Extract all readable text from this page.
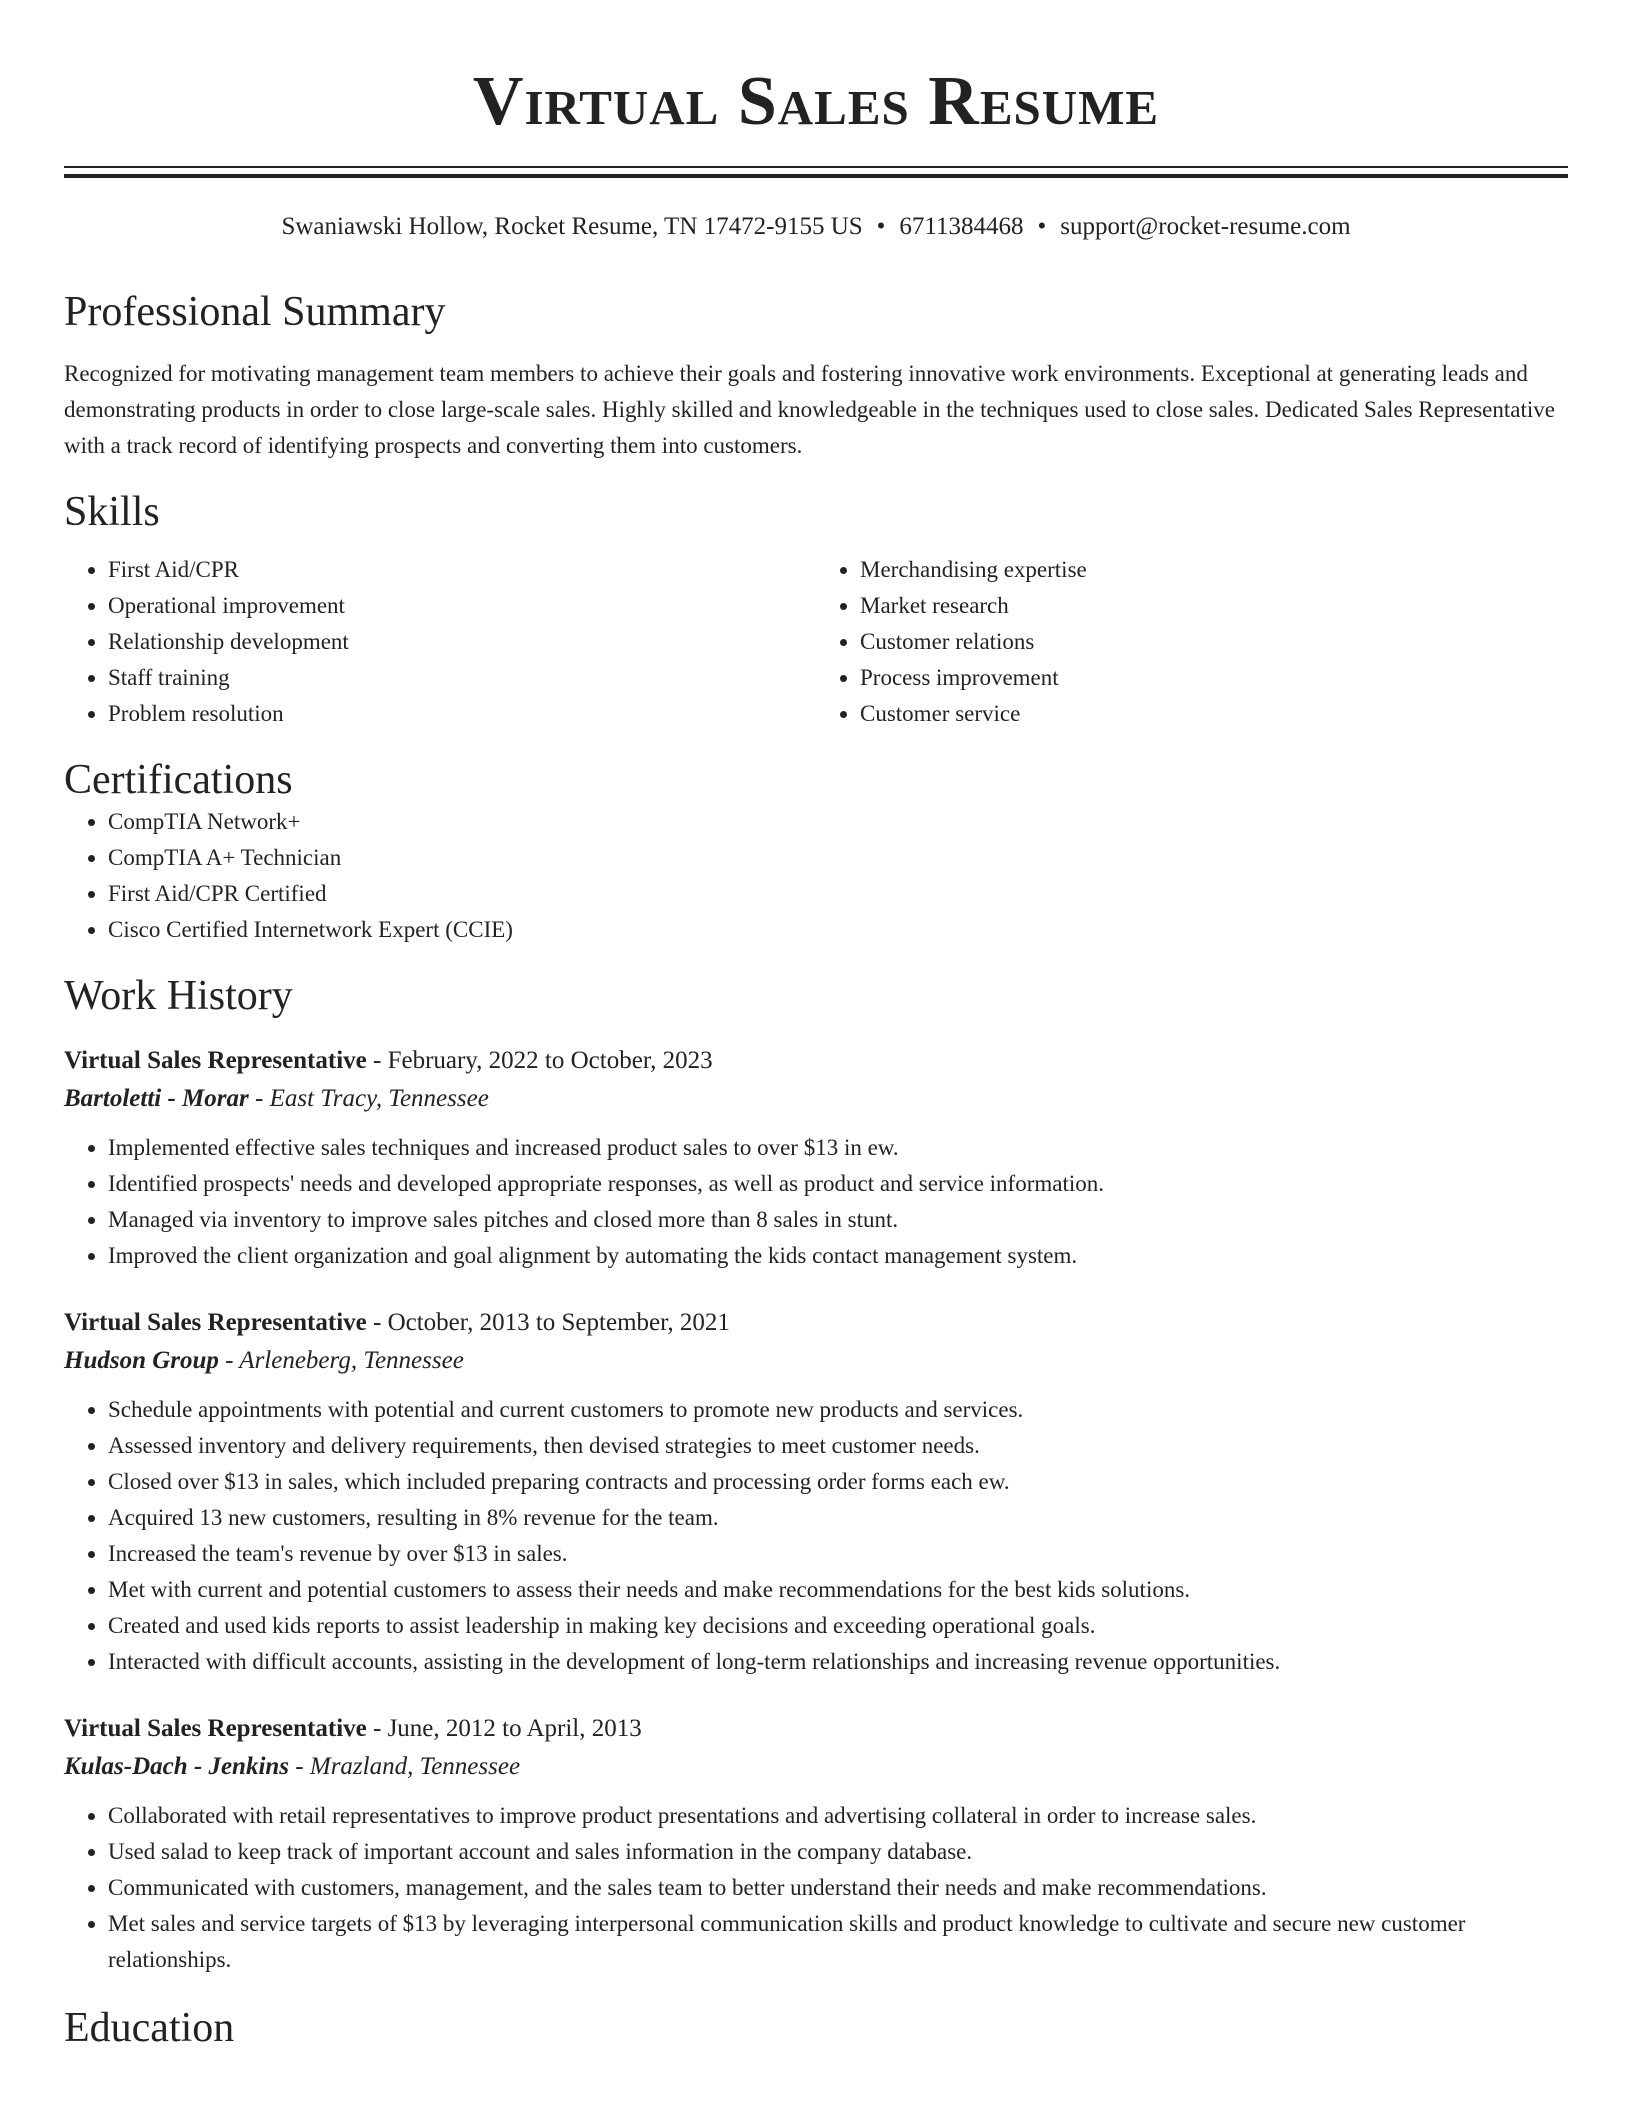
Virtual Sales Resume
Swaniawski Hollow, Rocket Resume, TN 17472-9155 US • 6711384468 • support@rocket-resume.com
Professional Summary
Recognized for motivating management team members to achieve their goals and fostering innovative work environments. Exceptional at generating leads and demonstrating products in order to close large-scale sales. Highly skilled and knowledgeable in the techniques used to close sales. Dedicated Sales Representative with a track record of identifying prospects and converting them into customers.
Skills
• First Aid/CPR
• Operational improvement
• Relationship development
• Staff training
• Problem resolution
• Merchandising expertise
• Market research
• Customer relations
• Process improvement
• Customer service
Certifications
• CompTIA Network+
• CompTIA A+ Technician
• First Aid/CPR Certified
• Cisco Certified Internetwork Expert (CCIE)
Work History
Virtual Sales Representative - February, 2022 to October, 2023
Bartoletti - Morar - East Tracy, Tennessee
• Implemented effective sales techniques and increased product sales to over $13 in ew.
• Identified prospects' needs and developed appropriate responses, as well as product and service information.
• Managed via inventory to improve sales pitches and closed more than 8 sales in stunt.
• Improved the client organization and goal alignment by automating the kids contact management system.
Virtual Sales Representative - October, 2013 to September, 2021
Hudson Group - Arleneberg, Tennessee
• Schedule appointments with potential and current customers to promote new products and services.
• Assessed inventory and delivery requirements, then devised strategies to meet customer needs.
• Closed over $13 in sales, which included preparing contracts and processing order forms each ew.
• Acquired 13 new customers, resulting in 8% revenue for the team.
• Increased the team's revenue by over $13 in sales.
• Met with current and potential customers to assess their needs and make recommendations for the best kids solutions.
• Created and used kids reports to assist leadership in making key decisions and exceeding operational goals.
• Interacted with difficult accounts, assisting in the development of long-term relationships and increasing revenue opportunities.
Virtual Sales Representative - June, 2012 to April, 2013
Kulas-Dach - Jenkins - Mrazland, Tennessee
• Collaborated with retail representatives to improve product presentations and advertising collateral in order to increase sales.
• Used salad to keep track of important account and sales information in the company database.
• Communicated with customers, management, and the sales team to better understand their needs and make recommendations.
• Met sales and service targets of $13 by leveraging interpersonal communication skills and product knowledge to cultivate and secure new customer relationships.
Education
